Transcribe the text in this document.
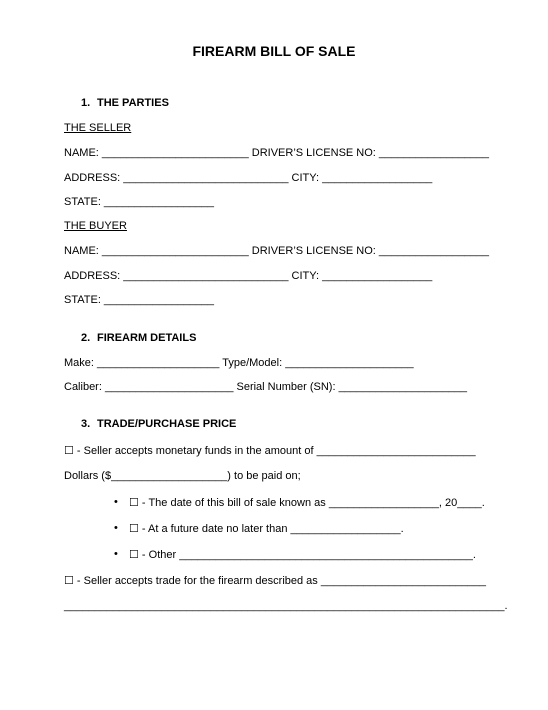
FIREARM BILL OF SALE
1. THE PARTIES
THE SELLER
NAME: ________________________ DRIVER’S LICENSE NO: __________________
ADDRESS: ___________________________ CITY: __________________
STATE: __________________
THE BUYER
NAME: ________________________ DRIVER’S LICENSE NO: __________________
ADDRESS: ___________________________ CITY: __________________
STATE: __________________
2. FIREARM DETAILS
Make: ____________________ Type/Model: _____________________
Caliber: _____________________ Serial Number (SN): _____________________
3. TRADE/PURCHASE PRICE
☐ - Seller accepts monetary funds in the amount of __________________________
Dollars ($___________________) to be paid on;
• ☐ - The date of this bill of sale known as __________________, 20____.
• ☐ - At a future date no later than __________________.
• ☐ - Other ________________________________________________.
☐ - Seller accepts trade for the firearm described as ___________________________
________________________________________________________________________.
